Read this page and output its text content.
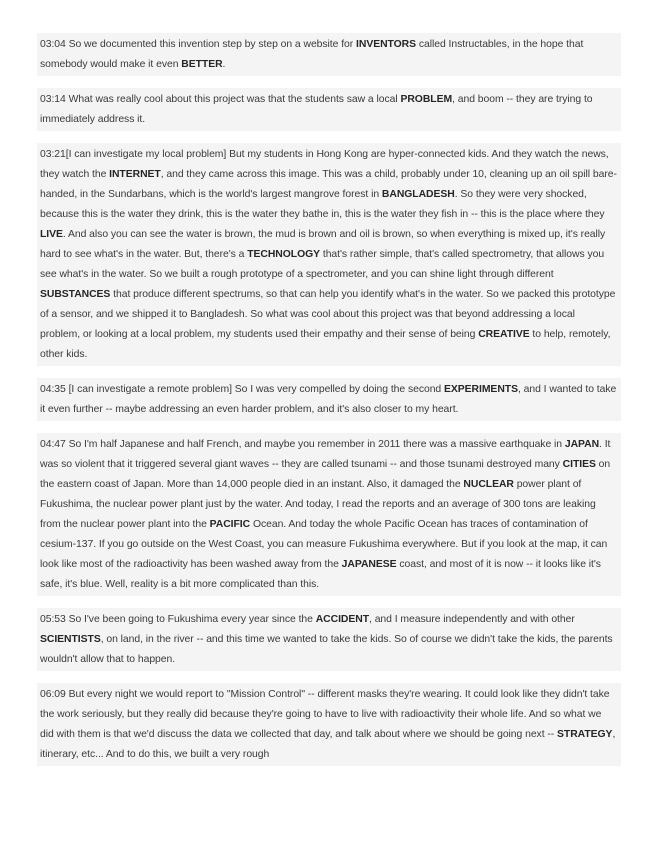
03:04 So we documented this invention step by step on a website for INVENTORS called Instructables, in the hope that somebody would make it even BETTER.
03:14 What was really cool about this project was that the students saw a local PROBLEM, and boom -- they are trying to immediately address it.
03:21[I can investigate my local problem] But my students in Hong Kong are hyper-connected kids. And they watch the news, they watch the INTERNET, and they came across this image. This was a child, probably under 10, cleaning up an oil spill bare-handed, in the Sundarbans, which is the world's largest mangrove forest in BANGLADESH. So they were very shocked, because this is the water they drink, this is the water they bathe in, this is the water they fish in -- this is the place where they LIVE. And also you can see the water is brown, the mud is brown and oil is brown, so when everything is mixed up, it's really hard to see what's in the water. But, there's a TECHNOLOGY that's rather simple, that's called spectrometry, that allows you see what's in the water. So we built a rough prototype of a spectrometer, and you can shine light through different SUBSTANCES that produce different spectrums, so that can help you identify what's in the water. So we packed this prototype of a sensor, and we shipped it to Bangladesh. So what was cool about this project was that beyond addressing a local problem, or looking at a local problem, my students used their empathy and their sense of being CREATIVE to help, remotely, other kids.
04:35 [I can investigate a remote problem] So I was very compelled by doing the second EXPERIMENTS, and I wanted to take it even further -- maybe addressing an even harder problem, and it's also closer to my heart.
04:47 So I'm half Japanese and half French, and maybe you remember in 2011 there was a massive earthquake in JAPAN. It was so violent that it triggered several giant waves -- they are called tsunami -- and those tsunami destroyed many CITIES on the eastern coast of Japan. More than 14,000 people died in an instant. Also, it damaged the NUCLEAR power plant of Fukushima, the nuclear power plant just by the water. And today, I read the reports and an average of 300 tons are leaking from the nuclear power plant into the PACIFIC Ocean. And today the whole Pacific Ocean has traces of contamination of cesium-137. If you go outside on the West Coast, you can measure Fukushima everywhere. But if you look at the map, it can look like most of the radioactivity has been washed away from the JAPANESE coast, and most of it is now -- it looks like it's safe, it's blue. Well, reality is a bit more complicated than this.
05:53 So I've been going to Fukushima every year since the ACCIDENT, and I measure independently and with other SCIENTISTS, on land, in the river -- and this time we wanted to take the kids. So of course we didn't take the kids, the parents wouldn't allow that to happen.
06:09 But every night we would report to "Mission Control" -- different masks they're wearing. It could look like they didn't take the work seriously, but they really did because they're going to have to live with radioactivity their whole life. And so what we did with them is that we'd discuss the data we collected that day, and talk about where we should be going next -- STRATEGY, itinerary, etc... And to do this, we built a very rough
